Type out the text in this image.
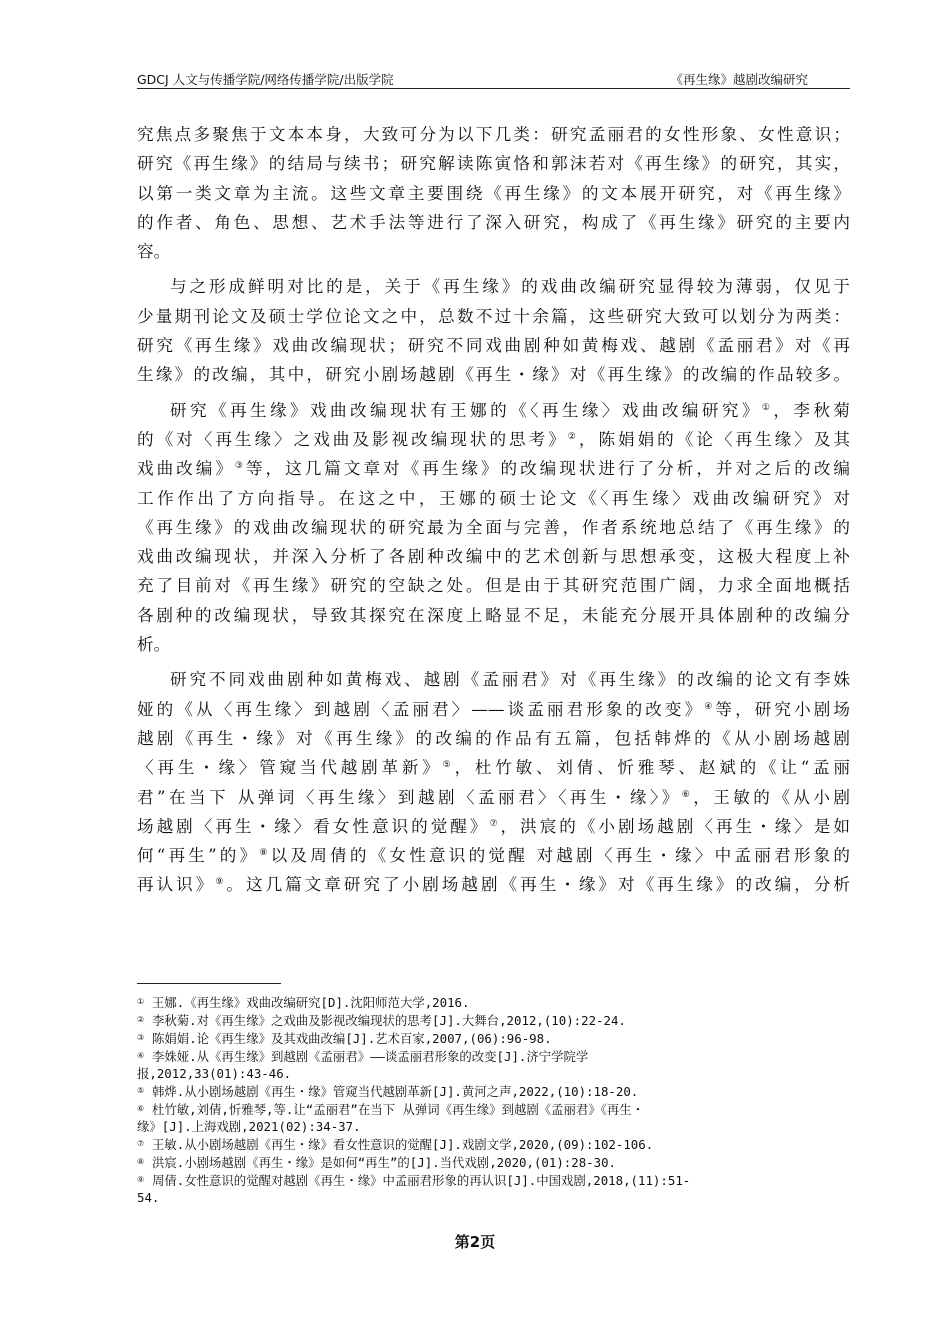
GDCJ 人文与传播学院/网络传播学院/出版学院	《再生缘》越剧改编研究
究焦点多聚焦于文本本身，大致可分为以下几类：研究孟丽君的女性形象、女性意识；
研究《再生缘》的结局与续书；研究解读陈寅恪和郭沫若对《再生缘》的研究，其实，
以第一类文章为主流。这些文章主要围绕《再生缘》的文本展开研究，对《再生缘》
的作者、角色、思想、艺术手法等进行了深入研究，构成了《再生缘》研究的主要内
容。
与之形成鲜明对比的是，关于《再生缘》的戏曲改编研究显得较为薄弱，仅见于
少量期刊论文及硕士学位论文之中，总数不过十余篇，这些研究大致可以划分为两类：
研究《再生缘》戏曲改编现状；研究不同戏曲剧种如黄梅戏、越剧《孟丽君》对《再
生缘》的改编，其中，研究小剧场越剧《再生・缘》对《再生缘》的改编的作品较多。
研究《再生缘》戏曲改编现状有王娜的《〈再生缘〉戏曲改编研究》①，李秋菊
的《对〈再生缘〉之戏曲及影视改编现状的思考》②，陈娟娟的《论〈再生缘〉及其
戏曲改编》③等，这几篇文章对《再生缘》的改编现状进行了分析，并对之后的改编
工作作出了方向指导。在这之中，王娜的硕士论文《〈再生缘〉戏曲改编研究》对
《再生缘》的戏曲改编现状的研究最为全面与完善，作者系统地总结了《再生缘》的
戏曲改编现状，并深入分析了各剧种改编中的艺术创新与思想承变，这极大程度上补
充了目前对《再生缘》研究的空缺之处。但是由于其研究范围广阔，力求全面地概括
各剧种的改编现状，导致其探究在深度上略显不足，未能充分展开具体剧种的改编分
析。
研究不同戏曲剧种如黄梅戏、越剧《孟丽君》对《再生缘》的改编的论文有李姝
娅的《从〈再生缘〉到越剧〈孟丽君〉——谈孟丽君形象的改变》④等，研究小剧场
越剧《再生・缘》对《再生缘》的改编的作品有五篇，包括韩烨的《从小剧场越剧
〈再生・缘〉管窥当代越剧革新》⑤，杜竹敏、刘倩、忻雅琴、赵斌的《让“孟丽
君”在当下 从弹词〈再生缘〉到越剧〈孟丽君〉〈再生・缘〉》⑥，王敏的《从小剧
场越剧〈再生・缘〉看女性意识的觉醒》⑦，洪宸的《小剧场越剧〈再生・缘〉是如
何“再生”的》⑧以及周倩的《女性意识的觉醒 对越剧〈再生・缘〉中孟丽君形象的
再认识》⑨。这几篇文章研究了小剧场越剧《再生・缘》对《再生缘》的改编，分析
① 王娜.《再生缘》戏曲改编研究[D].沈阳师范大学,2016.
② 李秋菊.对《再生缘》之戏曲及影视改编现状的思考[J].大舞台,2012,(10):22-24.
③ 陈娟娟.论《再生缘》及其戏曲改编[J].艺术百家,2007,(06):96-98.
④ 李姝娅.从《再生缘》到越剧《孟丽君》——谈孟丽君形象的改变[J].济宁学院学
报,2012,33(01):43-46.
⑤ 韩烨.从小剧场越剧《再生・缘》管窥当代越剧革新[J].黄河之声,2022,(10):18-20.
⑥ 杜竹敏,刘倩,忻雅琴,等.让“孟丽君”在当下 从弹词《再生缘》到越剧《孟丽君》《再生・
缘》[J].上海戏剧,2021(02):34-37.
⑦ 王敏.从小剧场越剧《再生・缘》看女性意识的觉醒[J].戏剧文学,2020,(09):102-106.
⑧ 洪宸.小剧场越剧《再生・缘》是如何“再生”的[J].当代戏剧,2020,(01):28-30.
⑨ 周倩.女性意识的觉醒对越剧《再生・缘》中孟丽君形象的再认识[J].中国戏剧,2018,(11):51-
54.
第2页
